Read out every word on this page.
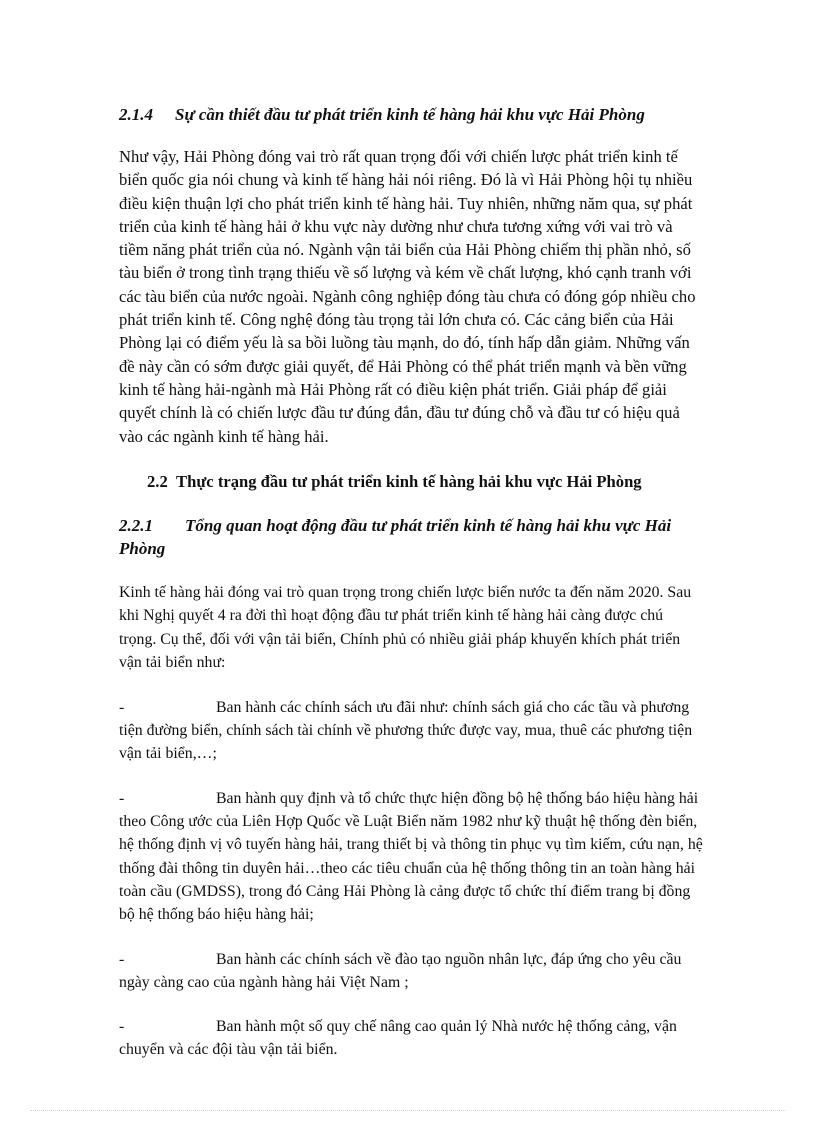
2.1.4 Sự cần thiết đầu tư phát triển kinh tế hàng hải khu vực Hải Phòng

Như vậy, Hải Phòng đóng vai trò rất quan trọng đối với chiến lược phát triển kinh tế biển quốc gia nói chung và kinh tế hàng hải nói riêng. Đó là vì Hải Phòng hội tụ nhiều điều kiện thuận lợi cho phát triển kinh tế hàng hải. Tuy nhiên, những năm qua, sự phát triển của kinh tế hàng hải ở khu vực này dường như chưa tương xứng với vai trò và tiềm năng phát triển của nó. Ngành vận tải biển của Hải Phòng chiếm thị phần nhỏ, số tàu biển ở trong tình trạng thiếu về số lượng và kém về chất lượng, khó cạnh tranh với các tàu biển của nước ngoài. Ngành công nghiệp đóng tàu chưa có đóng góp nhiều cho phát triển kinh tế. Công nghệ đóng tàu trọng tải lớn chưa có. Các cảng biển của Hải Phòng lại có điểm yếu là sa bồi luồng tàu mạnh, do đó, tính hấp dẫn giảm. Những vấn đề này cần có sớm được giải quyết, để Hải Phòng có thể phát triển mạnh và bền vững kinh tế hàng hải-ngành mà Hải Phòng rất có điều kiện phát triển. Giải pháp để giải quyết chính là có chiến lược đầu tư đúng đắn, đầu tư đúng chỗ và đầu tư có hiệu quả vào các ngành kinh tế hàng hải.

2.2 Thực trạng đầu tư phát triển kinh tế hàng hải khu vực Hải Phòng
2.2.1 Tổng quan hoạt động đầu tư phát triển kinh tế hàng hải khu vực Hải Phòng

Kinh tế hàng hải đóng vai trò quan trọng trong chiến lược biển nước ta đến năm 2020. Sau khi Nghị quyết 4 ra đời thì hoạt động đầu tư phát triển kinh tế hàng hải càng được chú trọng. Cụ thể, đối với vận tải biển, Chính phủ có nhiều giải pháp khuyến khích phát triển vận tải biển như:

-	Ban hành các chính sách ưu đãi như: chính sách giá cho các tầu và phương tiện đường biển, chính sách tài chính về phương thức được vay, mua, thuê các phương tiện vận tải biển,…;

-	Ban hành quy định và tổ chức thực hiện đồng bộ hệ thống báo hiệu hàng hải theo Công ước của Liên Hợp Quốc về Luật Biển năm 1982 như kỹ thuật hệ thống đèn biển, hệ thống định vị vô tuyến hàng hải, trang thiết bị và thông tin phục vụ tìm kiếm, cứu nạn, hệ thống đài thông tin duyên hải…theo các tiêu chuẩn của hệ thống thông tin an toàn hàng hải toàn cầu (GMDSS), trong đó Cảng Hải Phòng là cảng được tổ chức thí điểm trang bị đồng bộ hệ thống báo hiệu hàng hải;

-	Ban hành các chính sách về đào tạo nguồn nhân lực, đáp ứng cho yêu cầu ngày càng cao của ngành hàng hải Việt Nam ;

-	Ban hành một số quy chế nâng cao quản lý Nhà nước hệ thống cảng, vận chuyển và các đội tàu vận tải biển.
